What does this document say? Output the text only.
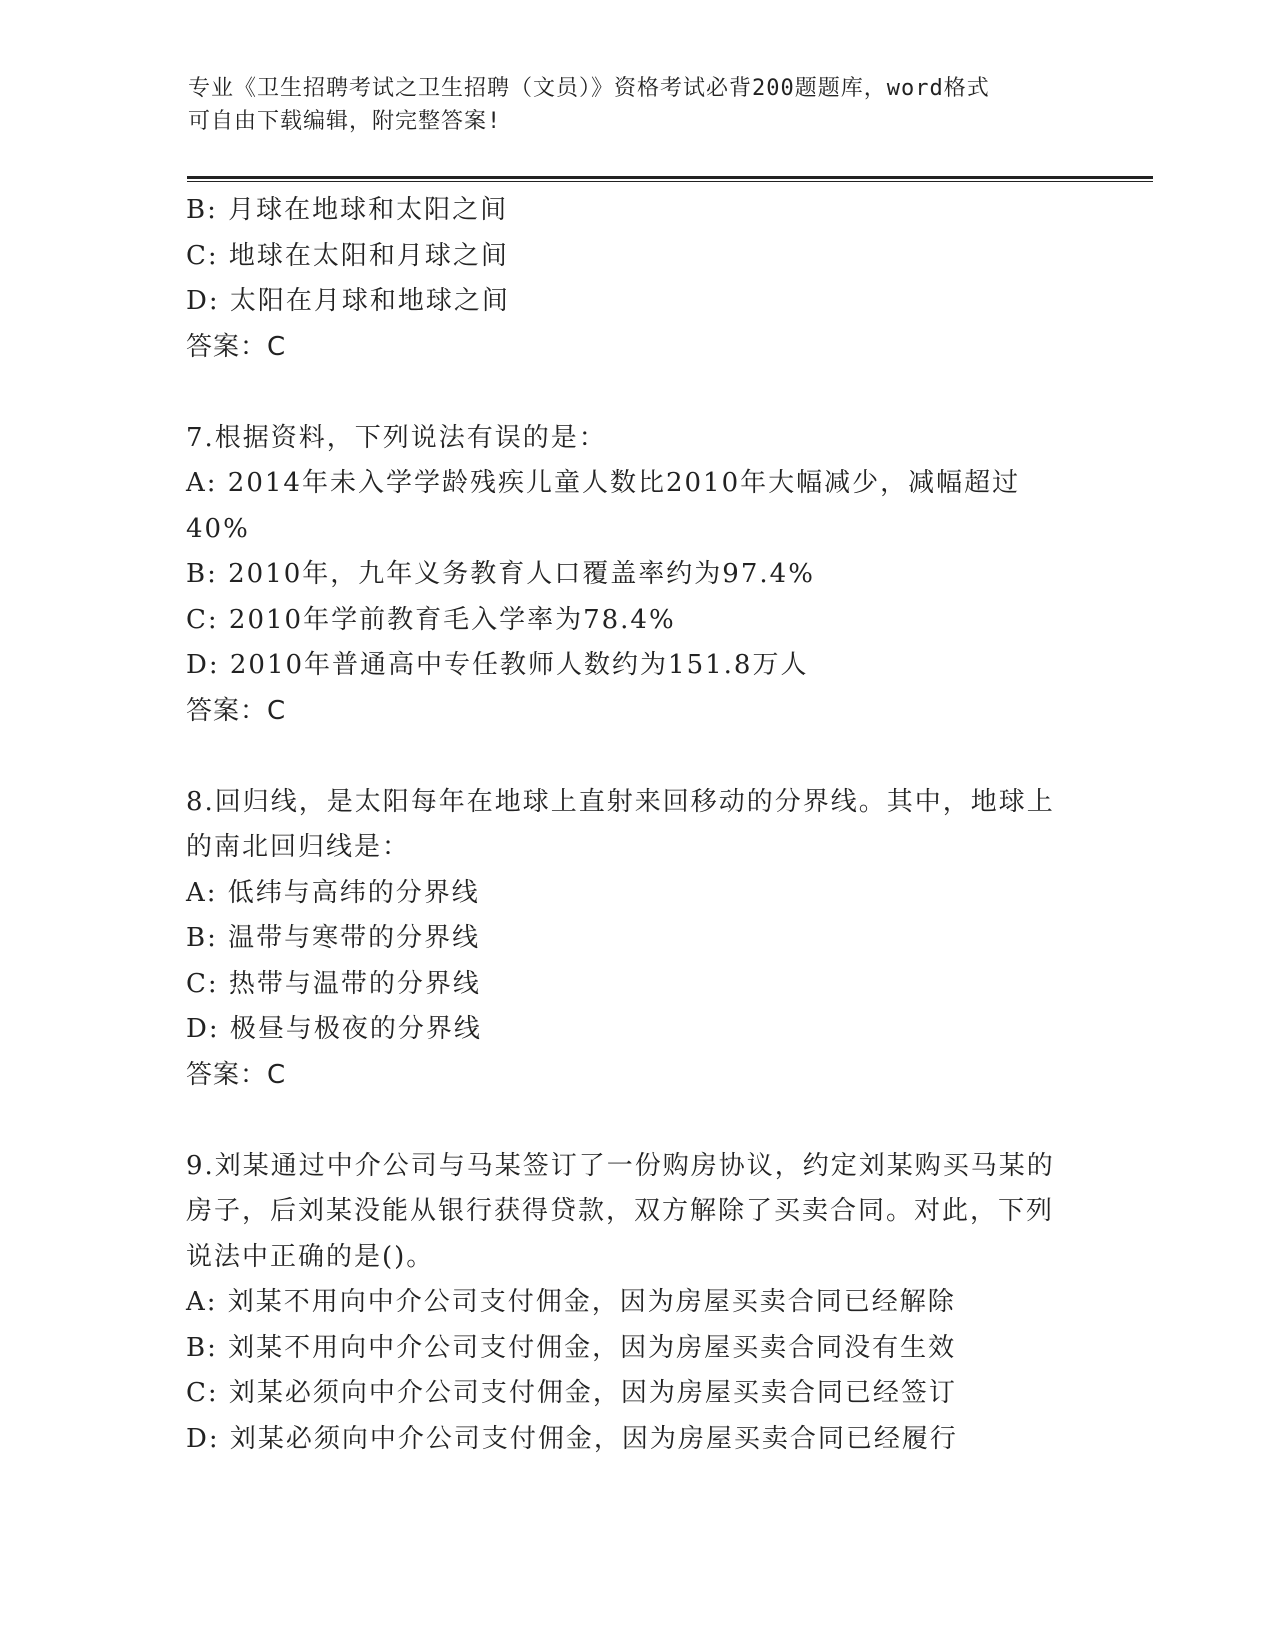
专业《卫生招聘考试之卫生招聘（文员）》资格考试必背200题题库，word格式
可自由下载编辑，附完整答案!
B: 月球在地球和太阳之间
C: 地球在太阳和月球之间
D: 太阳在月球和地球之间
答案：C
7.根据资料，下列说法有误的是：
A: 2014年未入学学龄残疾儿童人数比2010年大幅减少，减幅超过40%
B: 2010年，九年义务教育人口覆盖率约为97.4%
C: 2010年学前教育毛入学率为78.4%
D: 2010年普通高中专任教师人数约为151.8万人
答案：C
8.回归线，是太阳每年在地球上直射来回移动的分界线。其中，地球上的南北回归线是：
A: 低纬与高纬的分界线
B: 温带与寒带的分界线
C: 热带与温带的分界线
D: 极昼与极夜的分界线
答案：C
9.刘某通过中介公司与马某签订了一份购房协议，约定刘某购买马某的房子，后刘某没能从银行获得贷款，双方解除了买卖合同。对此，下列说法中正确的是()。
A: 刘某不用向中介公司支付佣金，因为房屋买卖合同已经解除
B: 刘某不用向中介公司支付佣金，因为房屋买卖合同没有生效
C: 刘某必须向中介公司支付佣金，因为房屋买卖合同已经签订
D: 刘某必须向中介公司支付佣金，因为房屋买卖合同已经履行
